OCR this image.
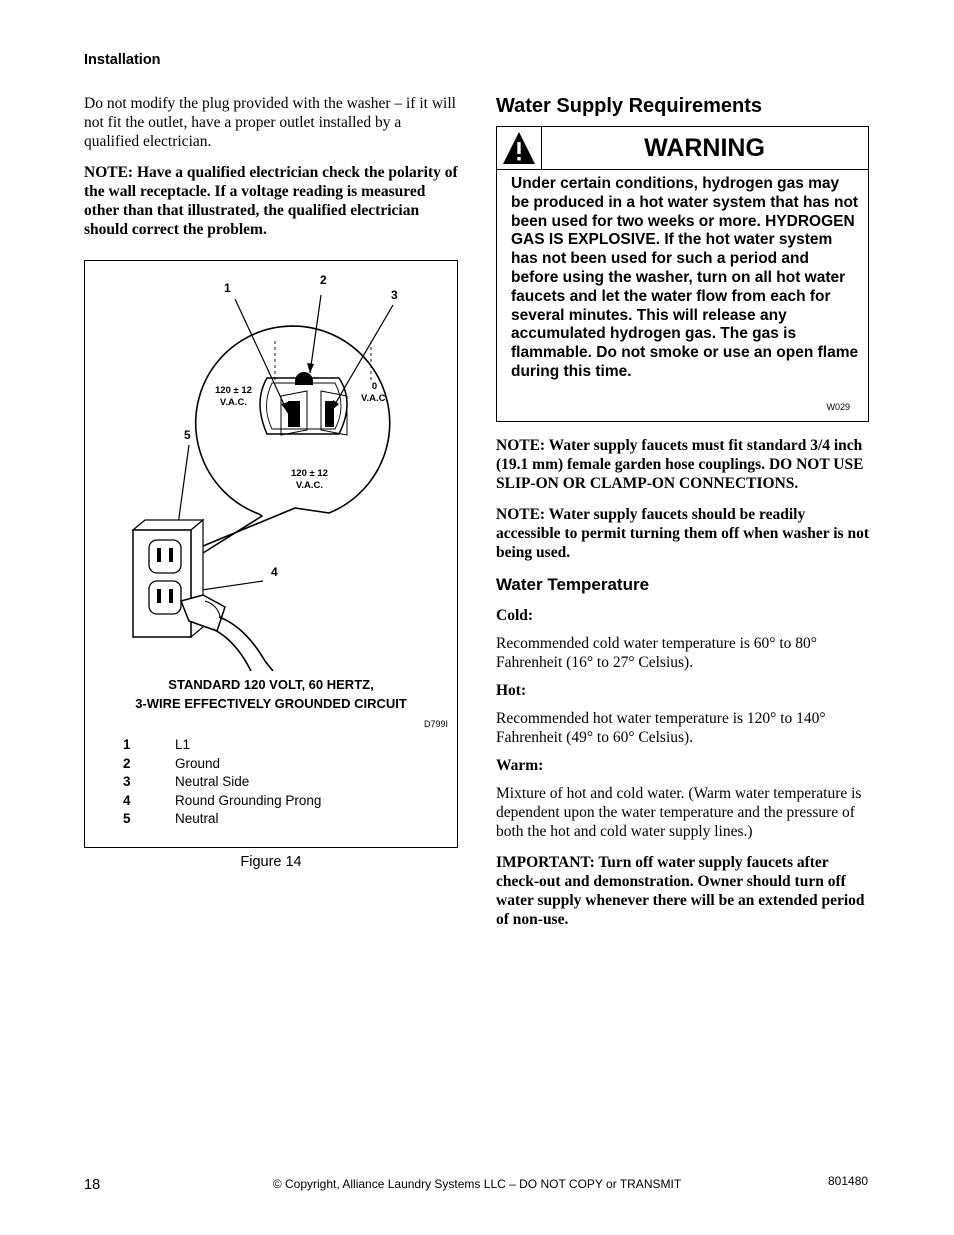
Installation

Do not modify the plug provided with the washer – if it will not fit the outlet, have a proper outlet installed by a qualified electrician.

NOTE: Have a qualified electrician check the polarity of the wall receptacle. If a voltage reading is measured other than that illustrated, the qualified electrician should correct the problem.

1
2
3
5
4
120 ± 12
V.A.C.
0
V.A.C.
120 ± 12
V.A.C.
STANDARD 120 VOLT, 60 HERTZ,
3-WIRE EFFECTIVELY GROUNDED CIRCUIT
D799I
1	L1
2	Ground
3	Neutral Side
4	Round Grounding Prong
5	Neutral
Figure 14
Water Supply Requirements
WARNING
Under certain conditions, hydrogen gas may be produced in a hot water system that has not been used for two weeks or more. HYDROGEN GAS IS EXPLOSIVE. If the hot water system has not been used for such a period and before using the washer, turn on all hot water faucets and let the water flow from each for several minutes. This will release any accumulated hydrogen gas. The gas is flammable. Do not smoke or use an open flame during this time.
W029

NOTE: Water supply faucets must fit standard 3/4 inch (19.1 mm) female garden hose couplings. DO NOT USE SLIP-ON OR CLAMP-ON CONNECTIONS.

NOTE: Water supply faucets should be readily accessible to permit turning them off when washer is not being used.

Water Temperature

Cold:

Recommended cold water temperature is 60° to 80° Fahrenheit (16° to 27° Celsius).

Hot:

Recommended hot water temperature is 120° to 140° Fahrenheit (49° to 60° Celsius).

Warm:

Mixture of hot and cold water. (Warm water temperature is dependent upon the water temperature and the pressure of both the hot and cold water supply lines.)

IMPORTANT: Turn off water supply faucets after check-out and demonstration. Owner should turn off water supply whenever there will be an extended period of non-use.

18	© Copyright, Alliance Laundry Systems LLC – DO NOT COPY or TRANSMIT	801480
